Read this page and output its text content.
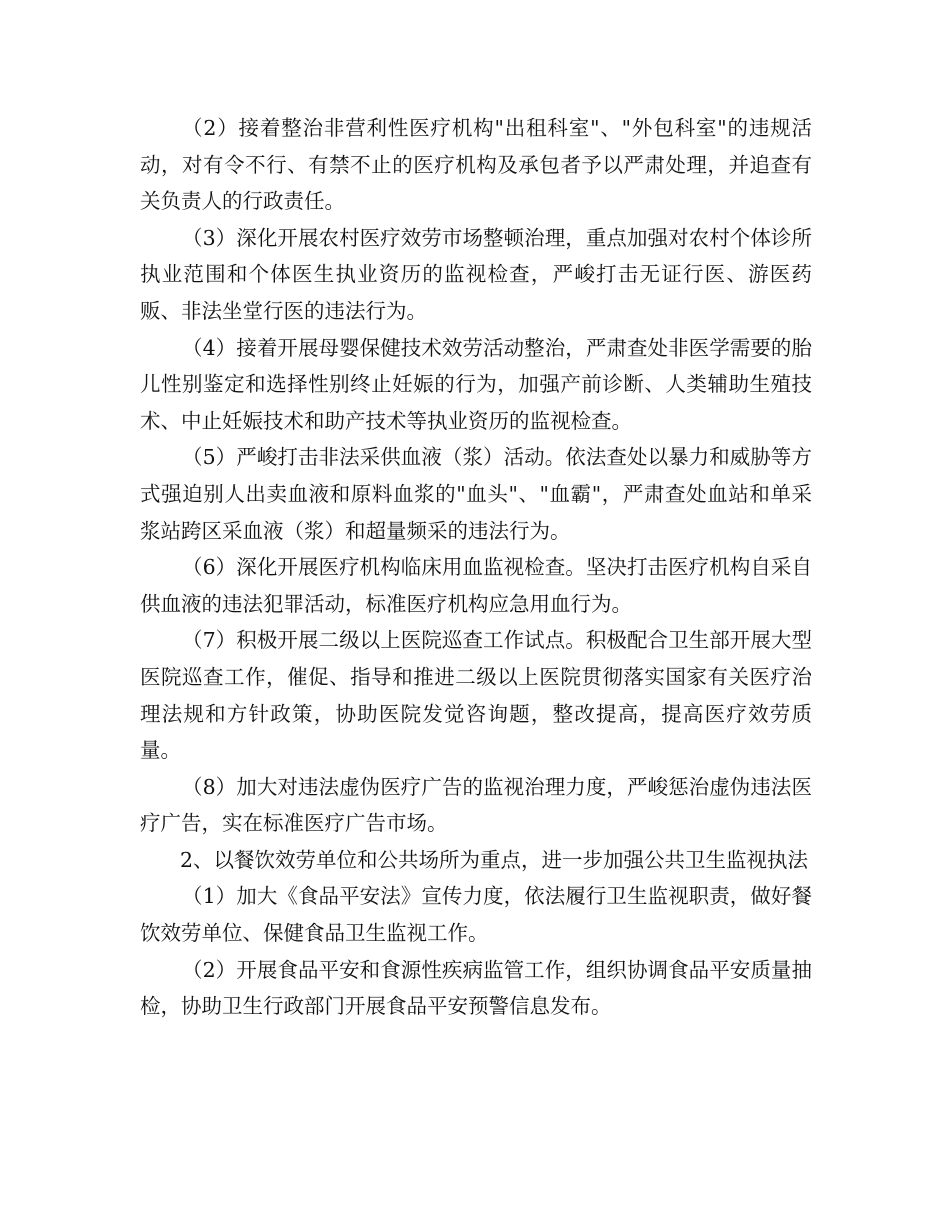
（2）接着整治非营利性医疗机构"出租科室"、"外包科室"的违规活动，对有令不行、有禁不止的医疗机构及承包者予以严肃处理，并追查有关负责人的行政责任。

（3）深化开展农村医疗效劳市场整顿治理，重点加强对农村个体诊所执业范围和个体医生执业资历的监视检查，严峻打击无证行医、游医药贩、非法坐堂行医的违法行为。

（4）接着开展母婴保健技术效劳活动整治，严肃查处非医学需要的胎儿性别鉴定和选择性别终止妊娠的行为，加强产前诊断、人类辅助生殖技术、中止妊娠技术和助产技术等执业资历的监视检查。

（5）严峻打击非法采供血液（浆）活动。依法查处以暴力和威胁等方式强迫别人出卖血液和原料血浆的"血头"、"血霸"，严肃查处血站和单采浆站跨区采血液（浆）和超量频采的违法行为。

（6）深化开展医疗机构临床用血监视检查。坚决打击医疗机构自采自供血液的违法犯罪活动，标准医疗机构应急用血行为。

（7）积极开展二级以上医院巡查工作试点。积极配合卫生部开展大型医院巡查工作，催促、指导和推进二级以上医院贯彻落实国家有关医疗治理法规和方针政策，协助医院发觉咨询题，整改提高，提高医疗效劳质量。

（8）加大对违法虚伪医疗广告的监视治理力度，严峻惩治虚伪违法医疗广告，实在标准医疗广告市场。

2、以餐饮效劳单位和公共场所为重点，进一步加强公共卫生监视执法

（1）加大《食品平安法》宣传力度，依法履行卫生监视职责，做好餐饮效劳单位、保健食品卫生监视工作。

（2）开展食品平安和食源性疾病监管工作，组织协调食品平安质量抽检，协助卫生行政部门开展食品平安预警信息发布。
